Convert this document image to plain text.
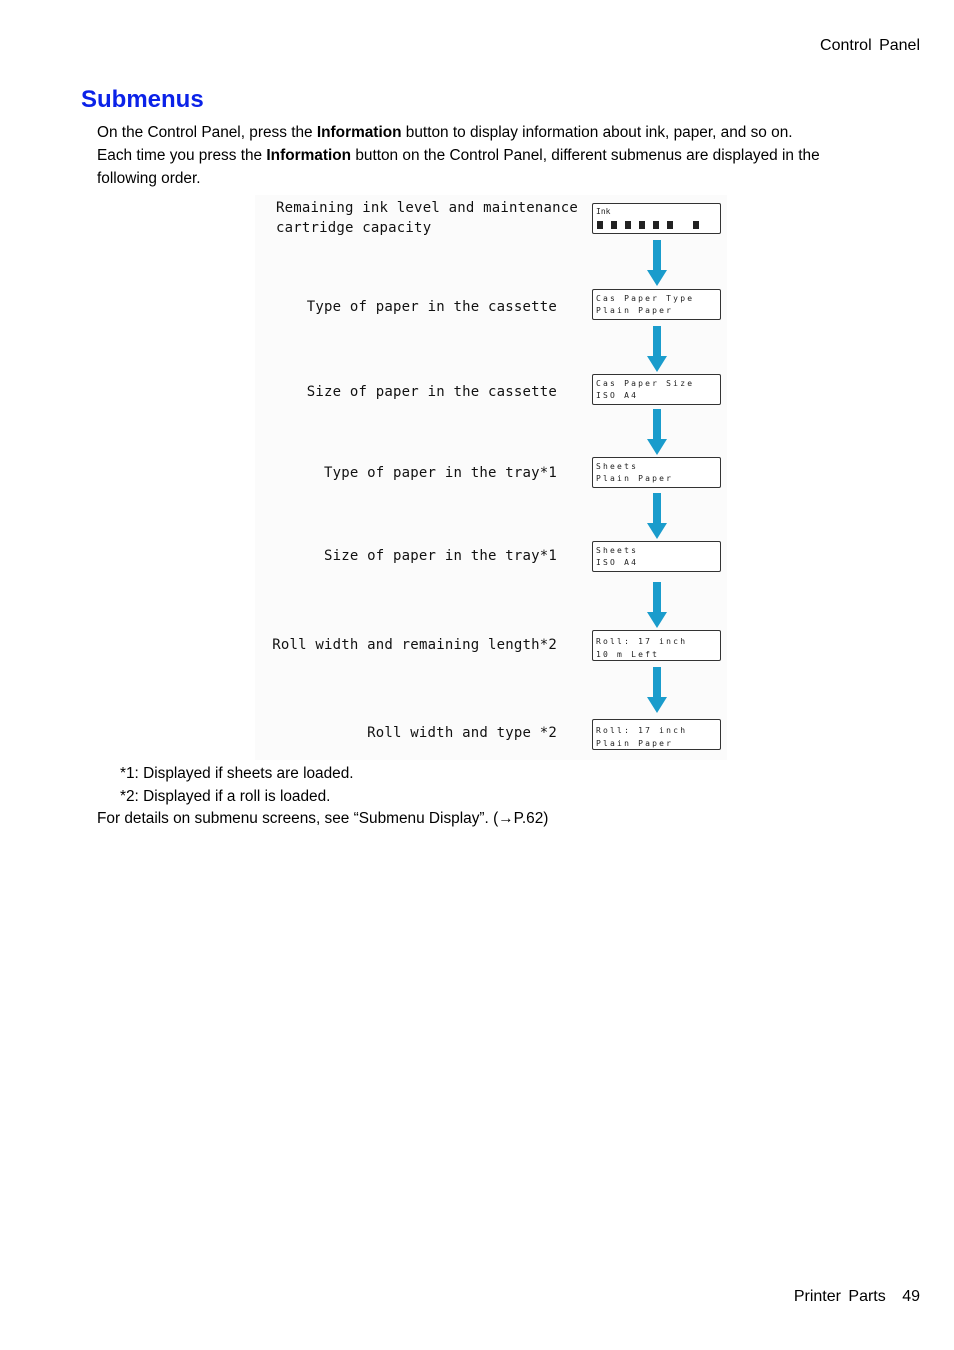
Control Panel
Submenus
On the Control Panel, press the Information button to display information about ink, paper, and so on.
Each time you press the Information button on the Control Panel, different submenus are displayed in the following order.
Remaining ink level and maintenance
cartridge capacity
Ink
Type of paper in the cassette
Cas Paper Type
Plain Paper
Size of paper in the cassette
Cas Paper Size
ISO A4
Type of paper in the tray*1	Sheets
Plain Paper
Size of paper in the tray*1	Sheets
ISO A4
Roll width and remaining length*2	Roll: 17 inch
10 m Left
Roll width and type *2	Roll: 17 inch
Plain Paper
*1: Displayed if sheets are loaded.
*2: Displayed if a roll is loaded.
For details on submenu screens, see “Submenu Display”. (→P.62)
Printer Parts 49
